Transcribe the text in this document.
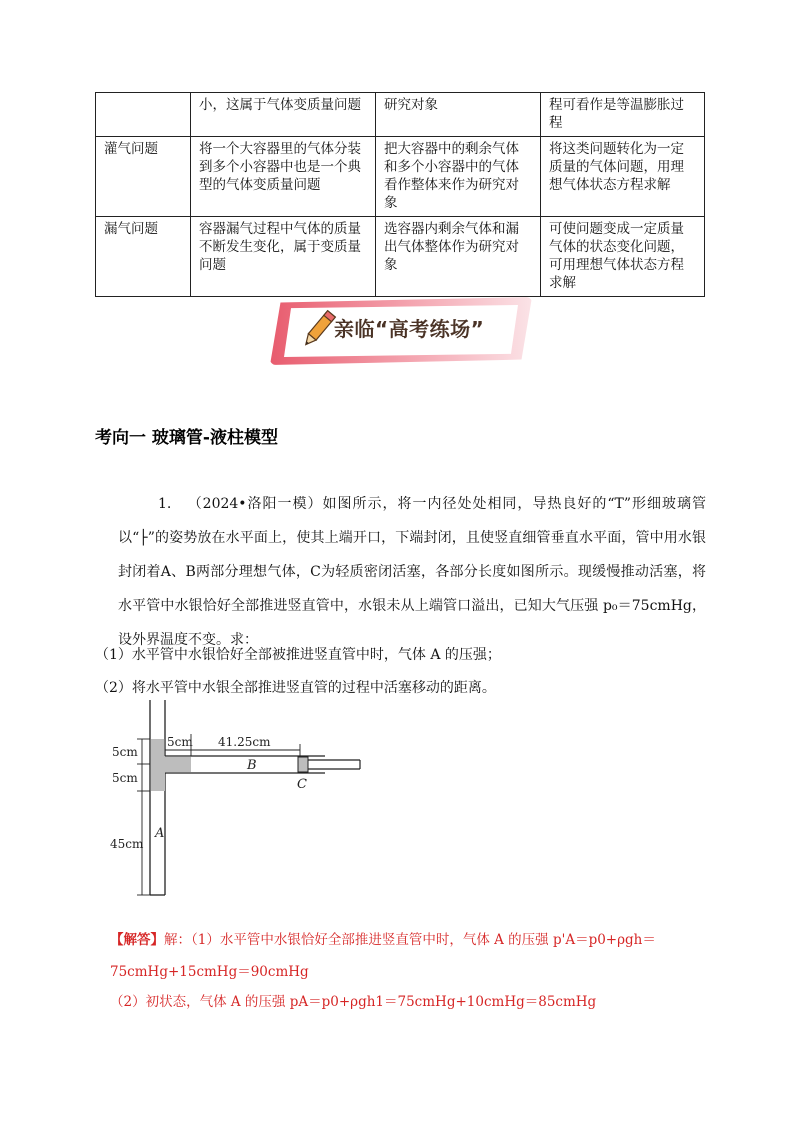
	小，这属于气体变质量问题	研究对象	程可看作是等温膨胀过程
灌气问题	将一个大容器里的气体分装到多个小容器中也是一个典型的气体变质量问题	把大容器中的剩余气体和多个小容器中的气体看作整体来作为研究对象	将这类问题转化为一定质量的气体问题，用理想气体状态方程求解
漏气问题	容器漏气过程中气体的质量不断发生变化，属于变质量问题	选容器内剩余气体和漏出气体整体作为研究对象	可使问题变成一定质量气体的状态变化问题，可用理想气体状态方程求解
亲临“高考练场”
考向一 玻璃管-液柱模型
1. （2024•洛阳一模）如图所示，将一内径处处相同，导热良好的“T”形细玻璃管以“├”的姿势放在水平面上，使其上端开口，下端封闭，且使竖直细管垂直水平面，管中用水银封闭着A、B两部分理想气体，C为轻质密闭活塞，各部分长度如图所示。现缓慢推动活塞，将水平管中水银恰好全部推进竖直管中，水银未从上端管口溢出，已知大气压强 p₀＝75cmHg，设外界温度不变。求：
（1）水平管中水银恰好全部被推进竖直管中时，气体 A 的压强；
（2）将水平管中水银全部推进竖直管的过程中活塞移动的距离。
5cm
5cm
45cm
5cm 41.25cm
A
B
C
【解答】解：（1）水平管中水银恰好全部推进竖直管中时，气体 A 的压强 p'A＝p0+ρgh＝
75cmHg+15cmHg＝90cmHg
（2）初状态，气体 A 的压强 pA＝p0+ρgh1＝75cmHg+10cmHg＝85cmHg
